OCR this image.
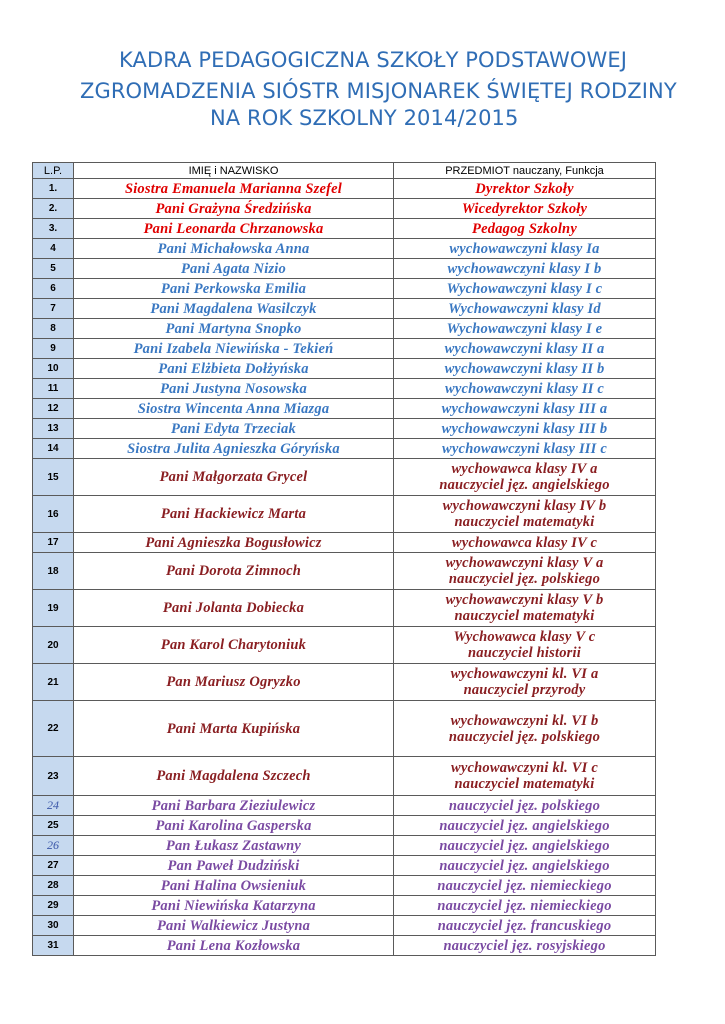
KADRA PEDAGOGICZNA SZKOŁY PODSTAWOWEJ
ZGROMADZENIA SIÓSTR MISJONAREK ŚWIĘTEJ RODZINY
NA ROK SZKOLNY 2014/2015
L.P.	IMIĘ i NAZWISKO	PRZEDMIOT nauczany, Funkcja
1.	Siostra Emanuela Marianna Szefel	Dyrektor Szkoły

2.	Pani Grażyna Średzińska	Wicedyrektor Szkoły

3.	Pani Leonarda Chrzanowska	Pedagog Szkolny

4	Pani Michałowska Anna	wychowawczyni klasy Ia

5	Pani Agata Nizio	wychowawczyni klasy I b

6	Pani Perkowska Emilia	Wychowawczyni klasy I c

7	Pani Magdalena Wasilczyk	Wychowawczyni klasy Id

8	Pani Martyna Snopko	Wychowawczyni klasy I e

9	Pani Izabela Niewińska - Tekień	wychowawczyni klasy II a

10	Pani Elżbieta Dołżyńska	wychowawczyni klasy II b

11	Pani Justyna Nosowska	wychowawczyni klasy II c

12	Siostra Wincenta Anna Miazga	wychowawczyni klasy III a

13	Pani Edyta Trzeciak	wychowawczyni klasy III b

14	Siostra Julita Agnieszka Góryńska	wychowawczyni klasy III c

15	Pani Małgorzata Grycel	wychowawca klasy IV a
nauczyciel jęz. angielskiego

16	Pani Hackiewicz Marta	wychowawczyni klasy IV b
nauczyciel matematyki

17	Pani Agnieszka Bogusłowicz	wychowawca klasy IV c

18	Pani Dorota Zimnoch	wychowawczyni klasy V a
nauczyciel jęz. polskiego

19	Pani Jolanta Dobiecka	wychowawczyni klasy V b
nauczyciel matematyki

20	Pan Karol Charytoniuk	Wychowawca klasy V c
nauczyciel historii

21	Pan Mariusz Ogryzko	wychowawczyni kl. VI a
nauczyciel przyrody

22	Pani Marta Kupińska	wychowawczyni kl. VI b
nauczyciel jęz. polskiego

23	Pani Magdalena Szczech	wychowawczyni kl. VI c
nauczyciel matematyki

24	Pani Barbara Zieziulewicz	nauczyciel jęz. polskiego

25	Pani Karolina Gasperska	nauczyciel jęz. angielskiego

26	Pan Łukasz Zastawny	nauczyciel jęz. angielskiego

27	Pan Paweł Dudziński	nauczyciel jęz. angielskiego

28	Pani Halina Owsieniuk	nauczyciel jęz. niemieckiego

29	Pani Niewińska Katarzyna	nauczyciel jęz. niemieckiego

30	Pani Walkiewicz Justyna	nauczyciel jęz. francuskiego

31	Pani Lena Kozłowska	nauczyciel jęz. rosyjskiego
